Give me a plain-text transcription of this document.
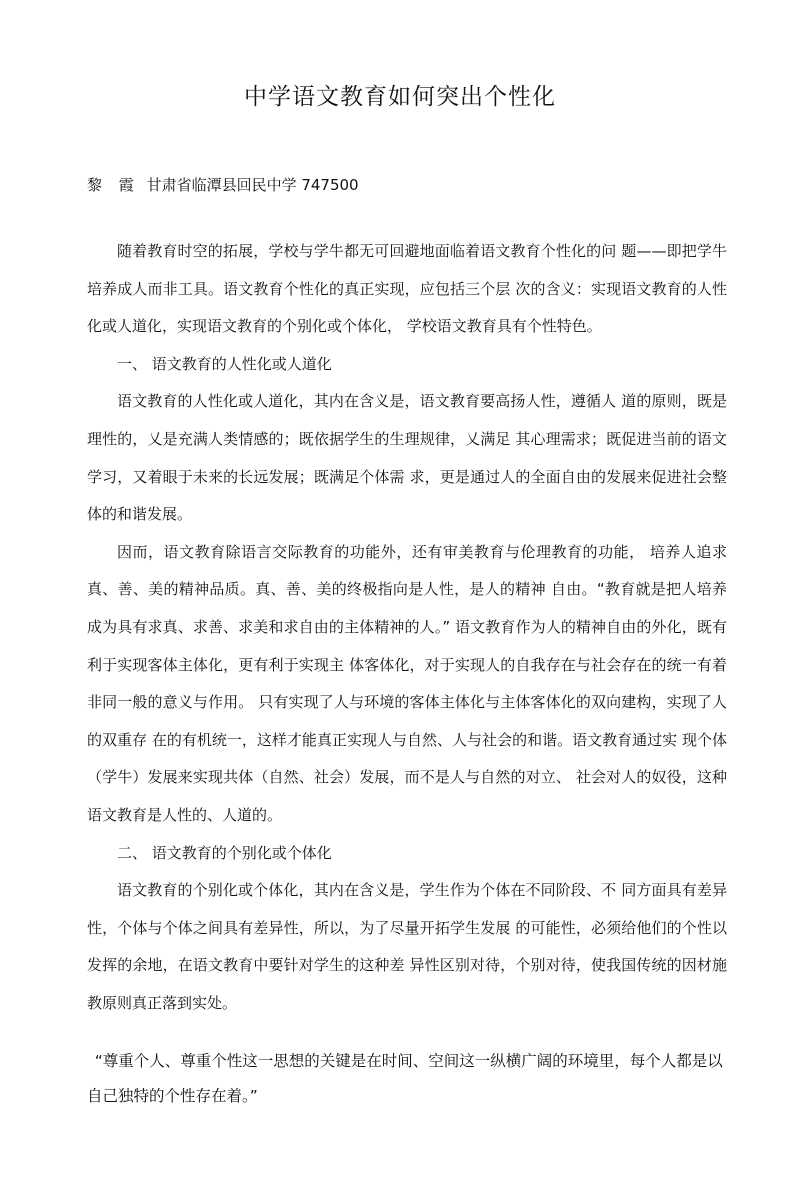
中学语文教育如何突出个性化
黎 霞 甘肃省临潭县回民中学 747500

随着教育时空的拓展，学校与学牛都无可回避地面临着语文教育个性化的问 题——即把学牛培养成人而非工具。语文教育个性化的真正实现，应包括三个层 次的含义：实现语文教育的人性化或人道化，实现语文教育的个别化或个体化， 学校语文教育具有个性特色。

一、 语文教育的人性化或人道化

语文教育的人性化或人道化，其内在含义是，语文教育要高扬人性，遵循人 道的原则，既是理性的，乂是充满人类情感的；既依据学生的生理规律，乂满足 其心理需求；既促进当前的语文学习，又着眼于未来的长远发展；既满足个体需 求，更是通过人的全面自由的发展来促进社会整体的和谐发展。

因而，语文教育除语言交际教育的功能外，还有审美教育与伦理教育的功能， 培养人追求真、善、美的精神品质。真、善、美的终极指向是人性，是人的精神 自由。“教育就是把人培养成为具有求真、求善、求美和求自由的主体精神的人。” 语文教育作为人的精神自由的外化，既有利于实现客体主体化，更有利于实现主 体客体化，对于实现人的自我存在与社会存在的统一有着非同一般的意义与作用。 只有实现了人与环境的客体主体化与主体客体化的双向建构，实现了人的双重存 在的有机统一，这样才能真正实现人与自然、人与社会的和谐。语文教育通过实 现个体（学牛）发展来实现共体（自然、社会）发展，而不是人与自然的对立、 社会对人的奴役，这种语文教育是人性的、人道的。

二、 语文教育的个别化或个体化

语文教育的个别化或个体化，其内在含义是，学生作为个体在不同阶段、不 同方面具有差异性，个体与个体之间具有差异性，所以，为了尽量开拓学生发展 的可能性，必须给他们的个性以发挥的余地，在语文教育中要针对学生的这种差 异性区别对待，个别对待，使我国传统的因材施教原则真正落到实处。

“尊重个人、尊重个性这一思想的关键是在时间、空间这一纵横广阔的环境里，每个人都是以自己独特的个性存在着。”
